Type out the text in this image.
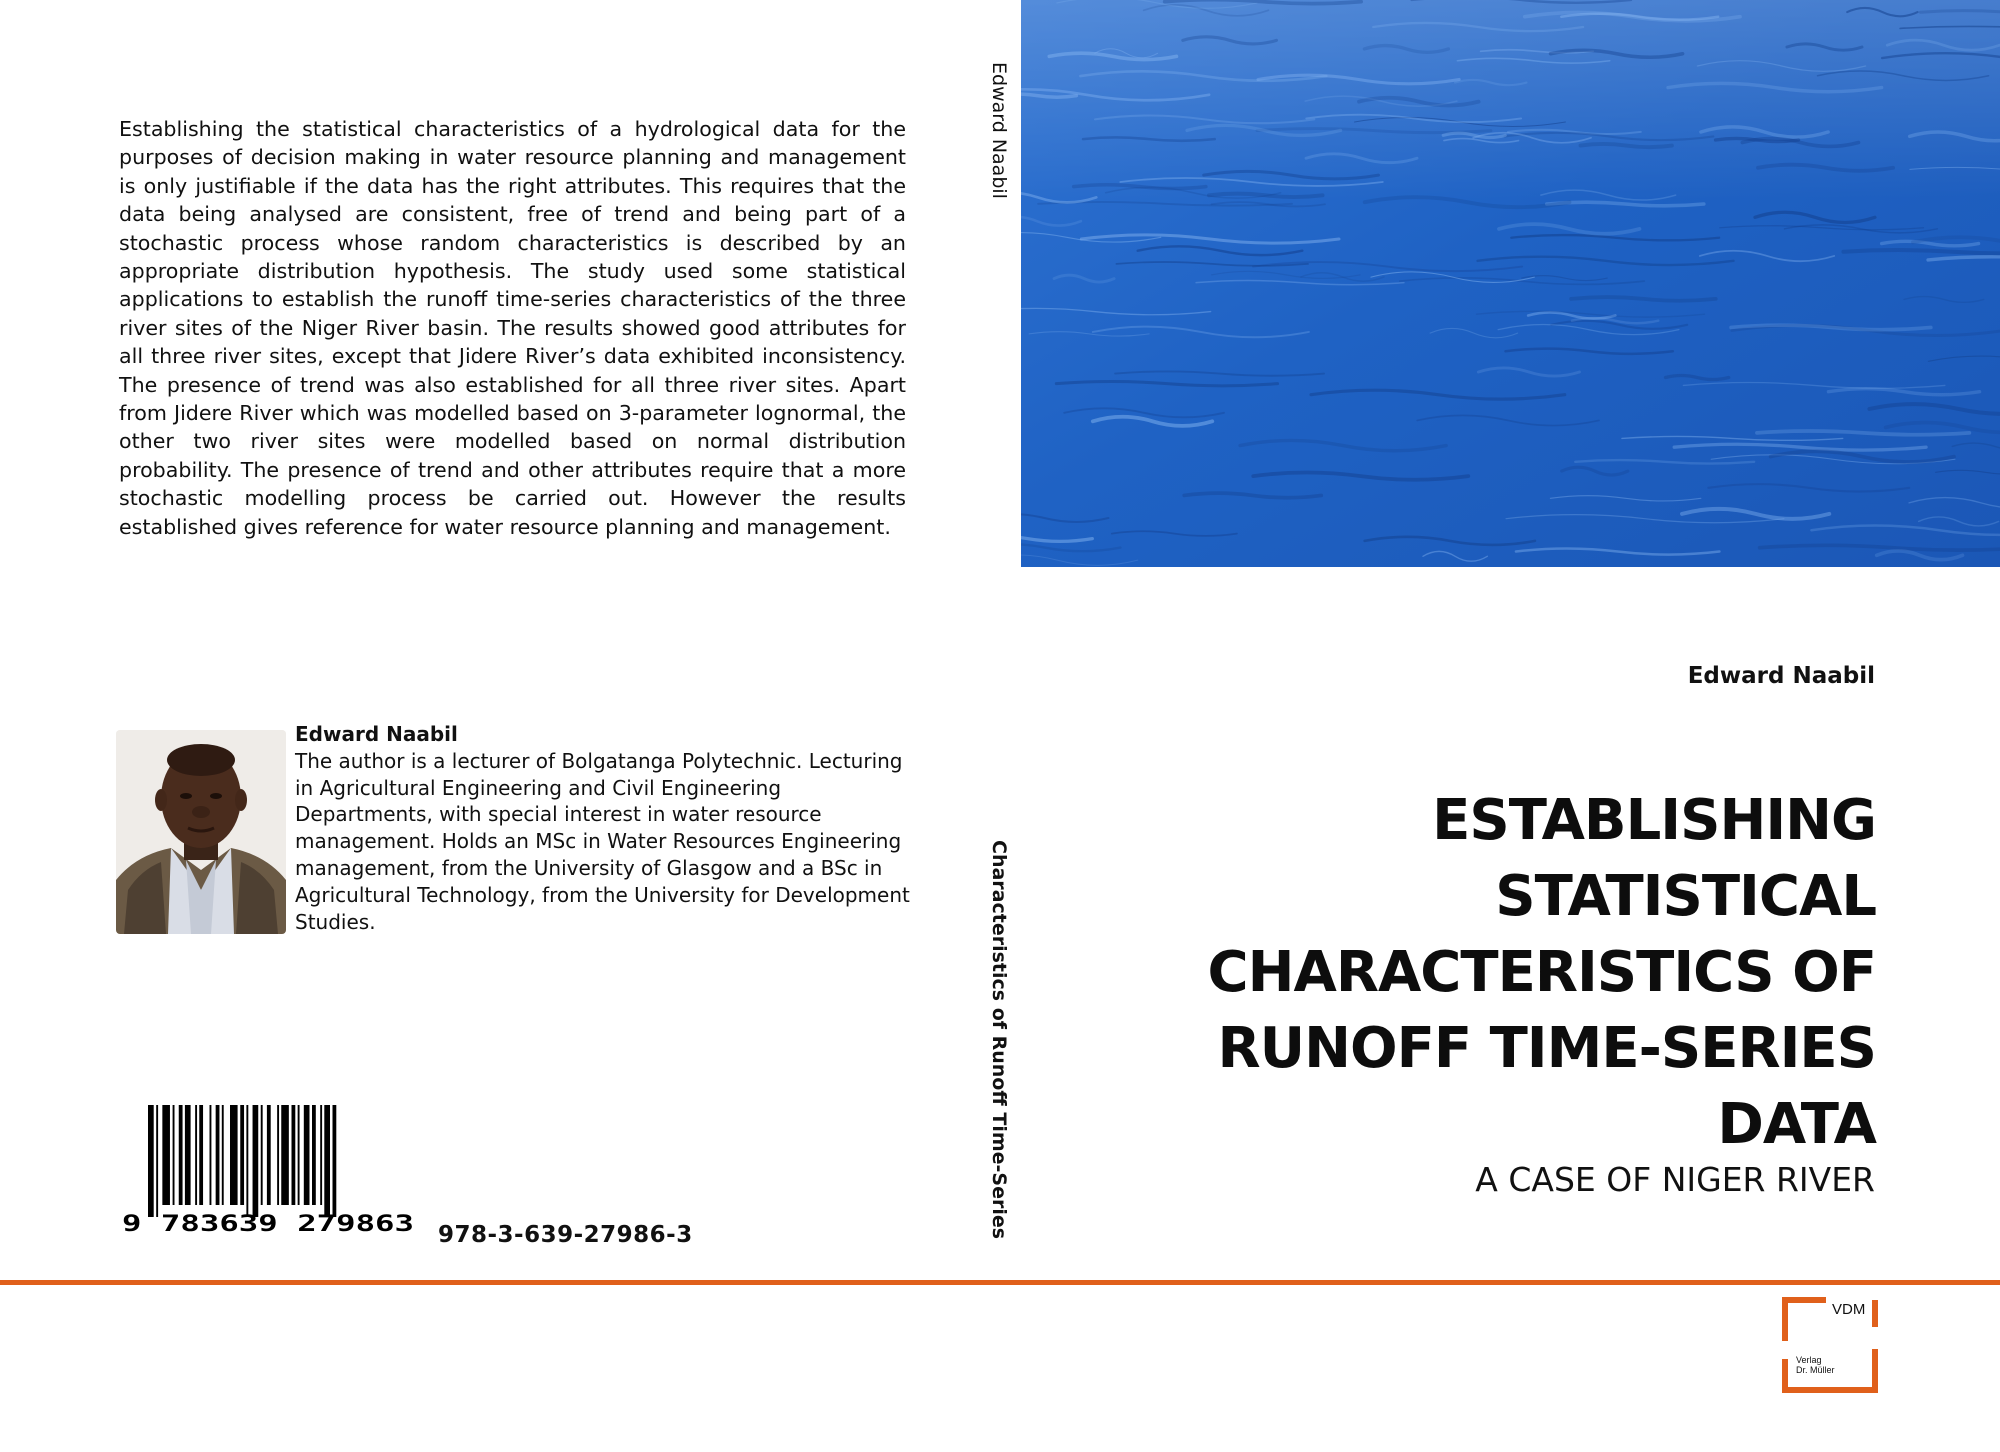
Establishing the statistical characteristics of a hydrological data for the purposes of decision making in water resource planning and management is only justifiable if the data has the right attributes. This requires that the data being analysed are consistent, free of trend and being part of a stochastic process whose random characteristics is described by an appropriate distribution hypothesis. The study used some statistical applications to establish the runoff time-series characteristics of the three river sites of the Niger River basin. The results showed good attributes for all three river sites, except that Jidere River’s data exhibited inconsistency. The presence of trend was also established for all three river sites. Apart from Jidere River which was modelled based on 3-parameter lognormal, the other two river sites were modelled based on normal distribution probability. The presence of trend and other attributes require that a more stochastic modelling process be carried out. However the results established gives reference for water resource planning and management.

Edward Naabil
The author is a lecturer of Bolgatanga Polytechnic. Lecturing in Agricultural Engineering and Civil Engineering Departments, with special interest in water resource management. Holds an MSc in Water Resources Engineering management, from the University of Glasgow and a BSc in Agricultural Technology, from the University for Development Studies.
9 783639 279863 978-3-639-27986-3
Edward Naabil
Characteristics of Runoff Time-Series
Edward Naabil
ESTABLISHING
STATISTICAL
CHARACTERISTICS OF
RUNOFF TIME-SERIES
DATA
A CASE OF NIGER RIVER
VDM
Verlag
Dr. Müller
